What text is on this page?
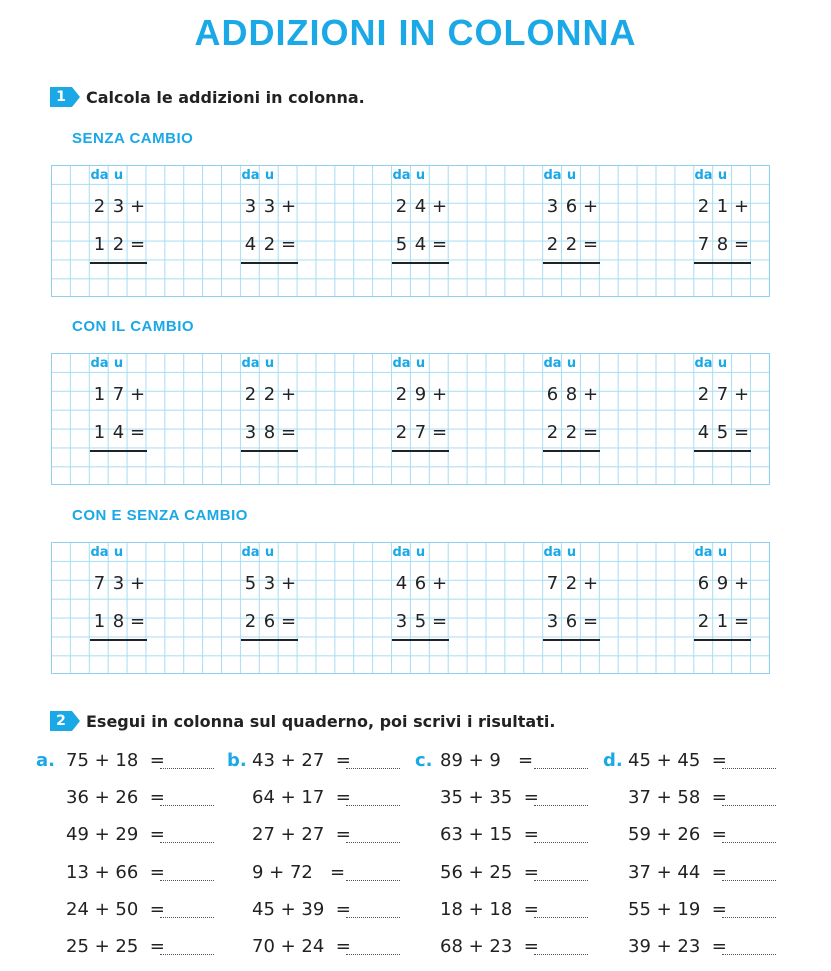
ADDIZIONI IN COLONNA
1	Calcola le addizioni in colonna.
SENZA CAMBIO
da u
2 3 +
1 2 =
da u
3 3 +
4 2 =
da u
2 4 +
5 4 =
da u
3 6 +
2 2 =
da u
2 1 +
7 8 =
CON IL CAMBIO
da u
1 7 +
1 4 =
da u
2 2 +
3 8 =
da u
2 9 +
2 7 =
da u
6 8 +
2 2 =
da u
2 7 +
4 5 =
CON E SENZA CAMBIO
da u
7 3 +
1 8 =
da u
5 3 +
2 6 =
da u
4 6 +
3 5 =
da u
7 2 +
3 6 =
da u
6 9 +
2 1 =
2	Esegui in colonna sul quaderno, poi scrivi i risultati.
a. 75 + 18  =
36 + 26  =
49 + 29  =
13 + 66  =
24 + 50  =
25 + 25  =
b. 43 + 27  =
64 + 17  =
27 + 27  =
9 + 72   =
45 + 39  =
70 + 24  =
c. 89 + 9   =
35 + 35  =
63 + 15  =
56 + 25  =
18 + 18  =
68 + 23  =
d. 45 + 45  =
37 + 58  =
59 + 26  =
37 + 44  =
55 + 19  =
39 + 23  =
